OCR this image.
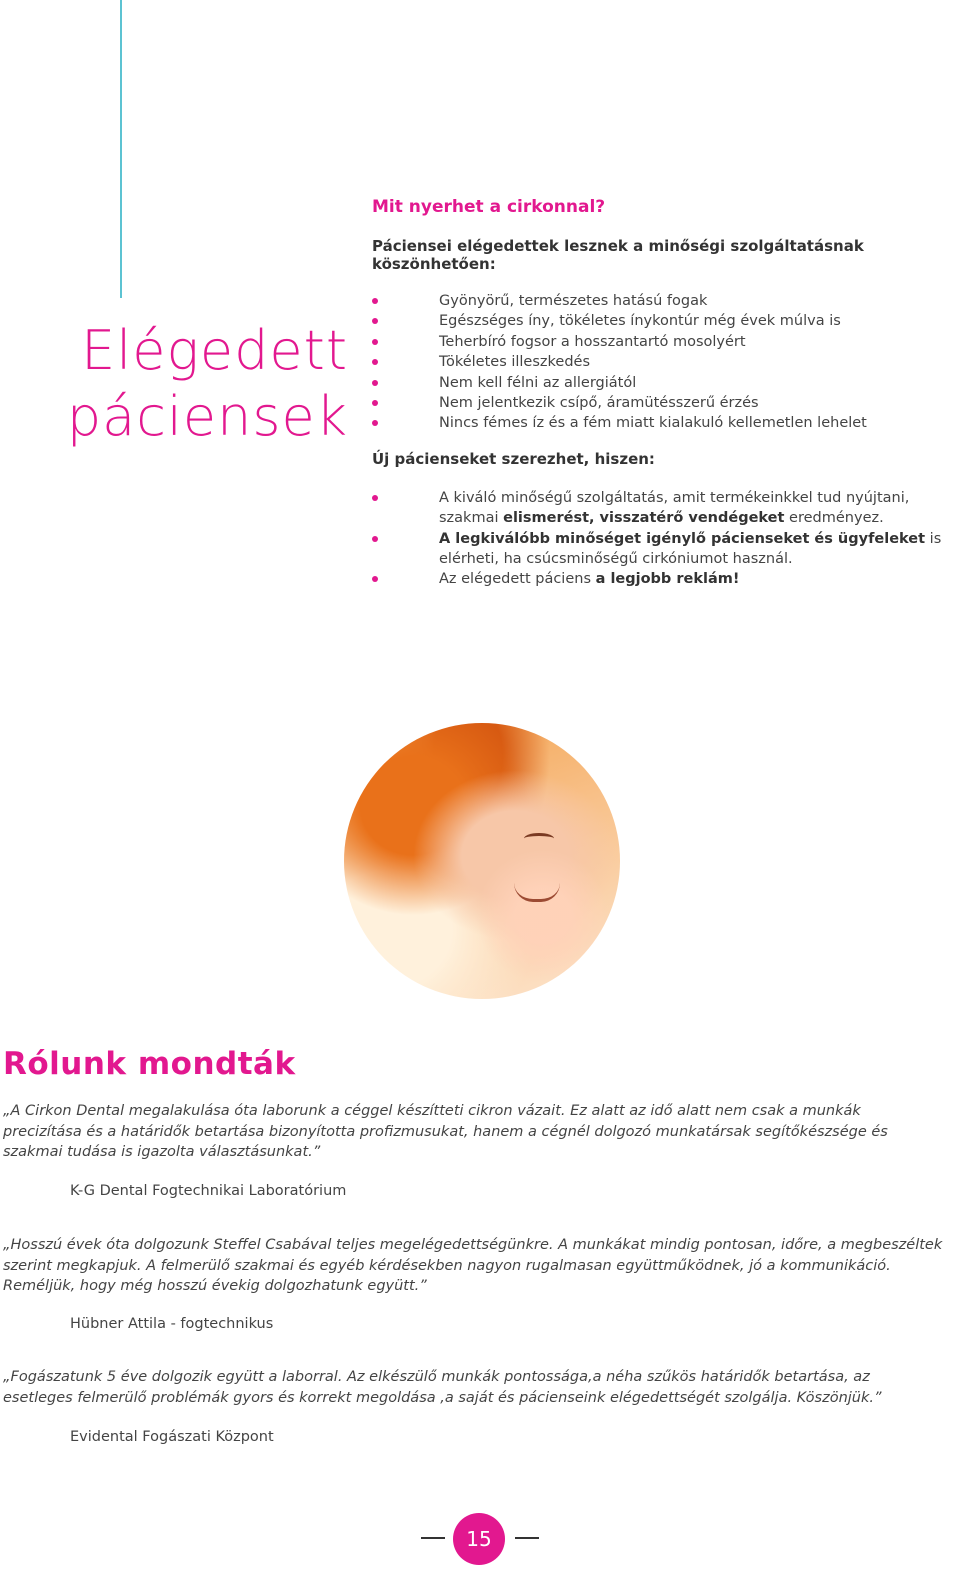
Elégedett
páciensek

Mit nyerhet a cirkonnal?

Páciensei elégedettek lesznek a minőségi szolgáltatásnak köszönhetően:

Gyönyörű, természetes hatású fogak
Egészséges íny, tökéletes ínykontúr még évek múlva is
Teherbíró fogsor a hosszantartó mosolyért
Tökéletes illeszkedés
Nem kell félni az allergiától
Nem jelentkezik csípő, áramütésszerű érzés
Nincs fémes íz és a fém miatt kialakuló kellemetlen lehelet

Új pácienseket szerezhet, hiszen:

A kiváló minőségű szolgáltatás, amit termékeinkkel tud nyújtani, szakmai elismerést, visszatérő vendégeket eredményez.
A legkiválóbb minőséget igénylő pácienseket és ügyfeleket is elérheti, ha csúcsminőségű cirkóniumot használ.
Az elégedett páciens a legjobb reklám!
Rólunk mondták

„A Cirkon Dental megalakulása óta laborunk a céggel készítteti cikron vázait. Ez alatt az idő alatt nem csak a munkák precizítása és a határidők betartása bizonyította profizmusukat, hanem a cégnél dolgozó munkatársak segítőkészsége és szakmai tudása is igazolta választásunkat.”

K-G Dental Fogtechnikai Laboratórium

„Hosszú évek óta dolgozunk Steffel Csabával teljes megelégedettségünkre. A munkákat mindig pontosan, időre, a megbeszéltek szerint megkapjuk. A felmerülő szakmai és egyéb kérdésekben nagyon rugalmasan együttműködnek, jó a kommunikáció. Reméljük, hogy még hosszú évekig dolgozhatunk együtt.”

Hübner Attila - fogtechnikus

„Fogászatunk 5 éve dolgozik együtt a laborral. Az elkészülő munkák pontossága,a néha szűkös határidők betartása, az esetleges felmerülő problémák gyors és korrekt megoldása ,a saját és pácienseink elégedettségét szolgálja. Köszönjük.”

Evidental Fogászati Központ

15
